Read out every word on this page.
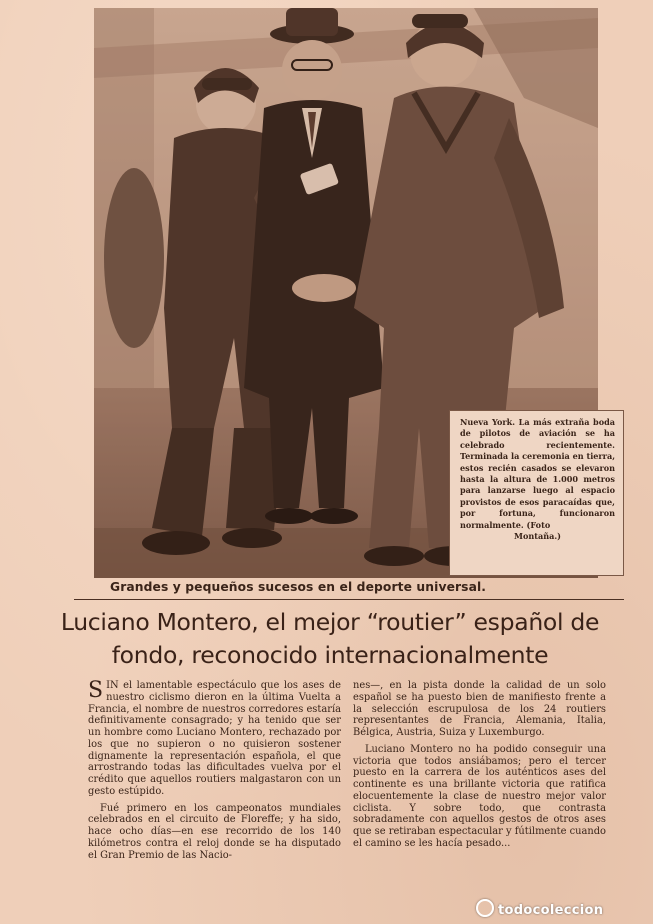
Nueva York. La más extraña boda de pilotos de aviación se ha celebrado recientemente. Terminada la ceremonia en tierra, estos recién casados se elevaron hasta la altura de 1.000 metros para lanzarse luego al espacio provistos de esos paracaídas que, por fortuna, funcionaron normalmente. (Foto
Montaña.)
Grandes y pequeños sucesos en el deporte universal.
Luciano Montero, el mejor “routier” español de
fondo, reconocido internacionalmente

SIN el lamentable espectáculo que los ases de nuestro ciclismo dieron en la última Vuelta a Francia, el nombre de nuestros corredores estaría definitivamente consagrado; y ha tenido que ser un hombre como Luciano Montero, rechazado por los que no supieron o no quisieron sostener dignamente la representación española, el que arrostrando todas las dificultades vuelva por el crédito que aquellos routiers malgastaron con un gesto estúpido.

Fué primero en los campeonatos mundiales celebrados en el circuito de Floreffe; y ha sido, hace ocho días—en ese recorrido de los 140 kilómetros contra el reloj donde se ha disputado el Gran Premio de las Nacio-

nes—, en la pista donde la calidad de un solo español se ha puesto bien de manifiesto frente a la selección escrupulosa de los 24 routiers representantes de Francia, Alemania, Italia, Bélgica, Austria, Suiza y Luxemburgo.

Luciano Montero no ha podido conseguir una victoria que todos ansiábamos; pero el tercer puesto en la carrera de los auténticos ases del continente es una brillante victoria que ratifica elocuentemente la clase de nuestro mejor valor ciclista. Y sobre todo, que contrasta sobradamente con aquellos gestos de otros ases que se retiraban espectacular y fútilmente cuando el camino se les hacía pesado...

todocoleccion
